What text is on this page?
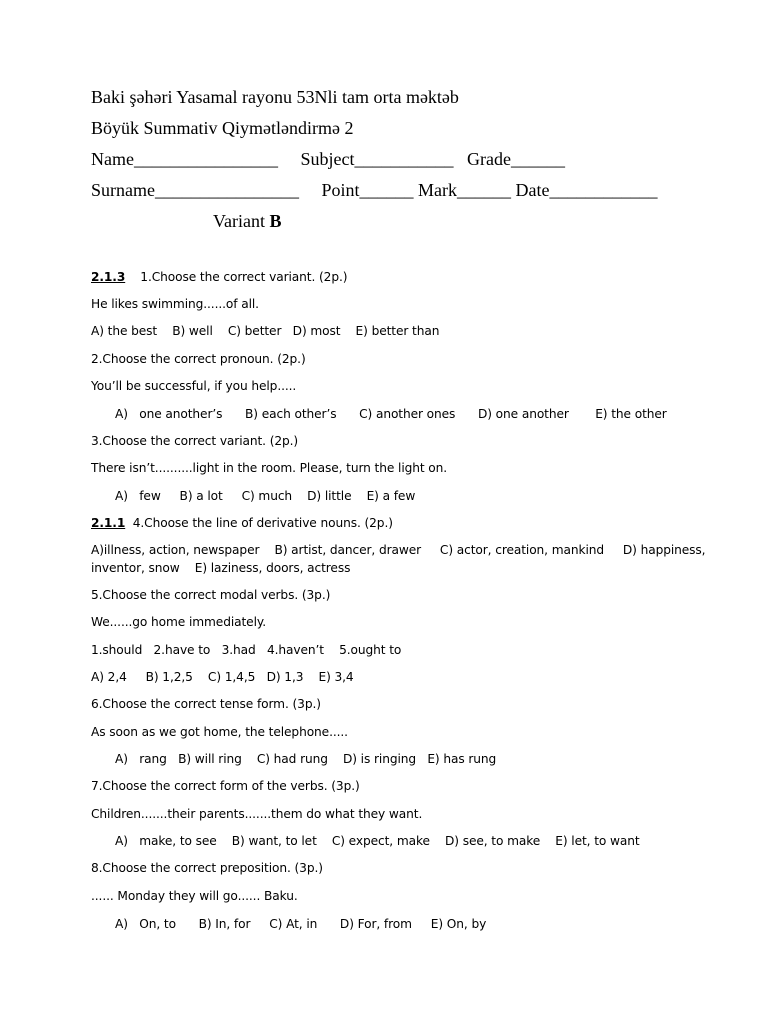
Baki şəhəri Yasamal rayonu 53Nli tam orta məktəb
Böyük Summativ Qiymətləndirmə 2
Name________________     Subject___________   Grade______
Surname________________     Point______ Mark______ Date____________
Variant B
2.1.3    1.Choose the correct variant. (2p.)
He likes swimming......of all.
A) the best    B) well    C) better   D) most    E) better than
2.Choose the correct pronoun. (2p.)
You’ll be successful, if you help.....
A) one another’s      B) each other’s      C) another ones      D) one another       E) the other
3.Choose the correct variant. (2p.)
There isn’t..........light in the room. Please, turn the light on.
A) few     B) a lot     C) much    D) little    E) a few
2.1.1  4.Choose the line of derivative nouns. (2p.)
A)illness, action, newspaper    B) artist, dancer, drawer     C) actor, creation, mankind     D) happiness,
inventor, snow    E) laziness, doors, actress
5.Choose the correct modal verbs. (3p.)
We......go home immediately.
1.should   2.have to   3.had   4.haven’t    5.ought to
A) 2,4     B) 1,2,5    C) 1,4,5   D) 1,3    E) 3,4
6.Choose the correct tense form. (3p.)
As soon as we got home, the telephone.....
A) rang   B) will ring    C) had rung    D) is ringing   E) has rung
7.Choose the correct form of the verbs. (3p.)
Children.......their parents.......them do what they want.
A) make, to see    B) want, to let    C) expect, make    D) see, to make    E) let, to want
8.Choose the correct preposition. (3p.)
...... Monday they will go...... Baku.
A) On, to      B) In, for     C) At, in      D) For, from     E) On, by
